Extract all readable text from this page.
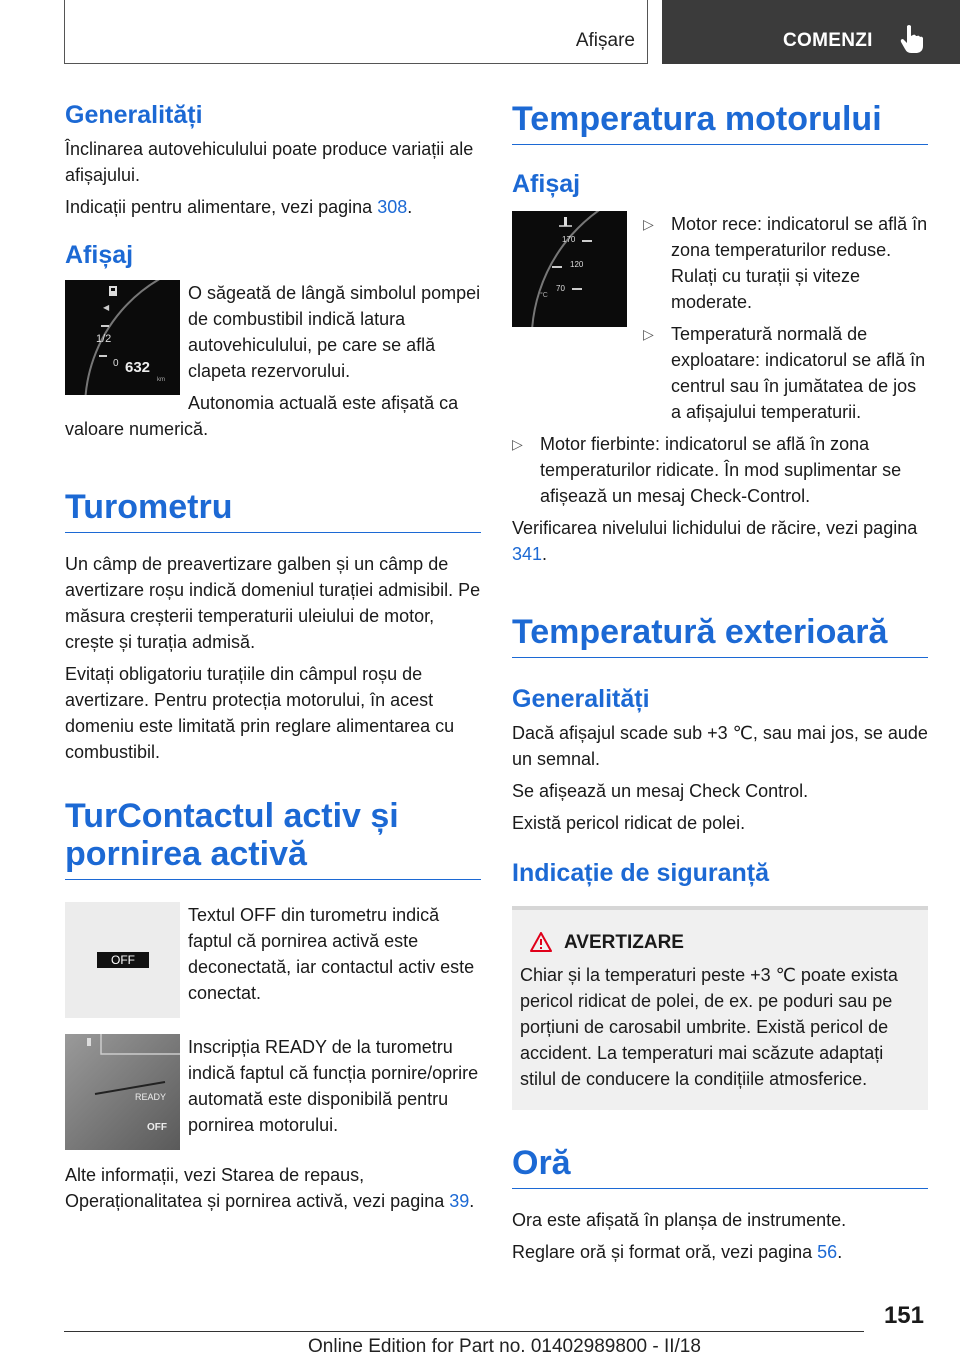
Afișare	COMENZI
Generalități

Înclinarea autovehiculului poate produce variații ale afișajului.

Indicații pentru alimentare, vezi pagina 308.

Afișaj
◀
1/2
0 632
km

O săgeată de lângă simbolul pompei de combustibil indică latura autovehiculului, pe care se află clapeta rezervorului.

Autonomia actuală este afișată ca valoare numerică.

Turometru

Un câmp de preavertizare galben și un câmp de avertizare roșu indică domeniul turației admisibil. Pe măsura creșterii temperaturii uleiului de motor, crește și turația admisă.

Evitați obligatoriu turațiile din câmpul roșu de avertizare. Pentru protecția motorului, în acest domeniu este limitată prin reglare alimentarea cu combustibil.

TurContactul activ și pornirea activă
OFF

Textul OFF din turometru indică faptul că pornirea activă este deconectată, iar contactul activ este conectat.

READY
OFF

Inscripția READY de la turometru indică faptul că funcția pornire/oprire automată este disponibilă pentru pornirea motorului.

Alte informații, vezi Starea de repaus, Operaționalitatea și pornirea activă, vezi pagina 39.

Temperatura motorului
Afișaj
170
120
70
°C
▷ Motor rece: indicatorul se află în zona temperaturilor reduse. Rulați cu turații și viteze moderate.
▷ Temperatură normală de exploatare: indicatorul se află în centrul sau în jumătatea de jos a afișajului temperaturii.
▷ Motor fierbinte: indicatorul se află în zona temperaturilor ridicate. În mod suplimentar se afișează un mesaj Check-Control.

Verificarea nivelului lichidului de răcire, vezi pagina 341.

Temperatură exterioară
Generalități

Dacă afișajul scade sub +3 ℃, sau mai jos, se aude un semnal.

Se afișează un mesaj Check Control.

Există pericol ridicat de polei.

Indicație de siguranță
AVERTIZARE

Chiar și la temperaturi peste +3 ℃ poate exista pericol ridicat de polei, de ex. pe poduri sau pe porțiuni de carosabil umbrite. Există pericol de accident. La temperaturi mai scăzute adaptați stilul de conducere la condițiile atmosferice.

Oră

Ora este afișată în planșa de instrumente.

Reglare oră și format oră, vezi pagina 56.

151
Online Edition for Part no. 01402989800 - II/18
